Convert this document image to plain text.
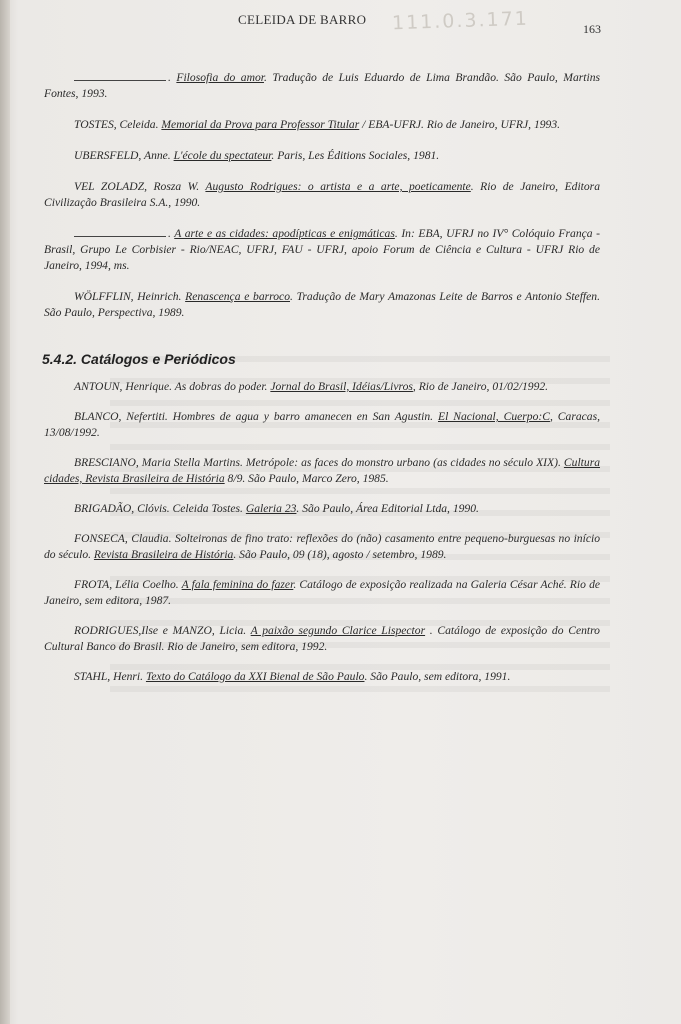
CELEIDA DE BARRO 111.0.3.171	163

. Filosofia do amor. Tradução de Luis Eduardo de Lima Brandão. São Paulo, Martins Fontes, 1993.

TOSTES, Celeida. Memorial da Prova para Professor Titular / EBA-UFRJ. Rio de Janeiro, UFRJ, 1993.

UBERSFELD, Anne. L'école du spectateur. Paris, Les Éditions Sociales, 1981.

VEL ZOLADZ, Rosza W. Augusto Rodrigues: o artista e a arte, poeticamente. Rio de Janeiro, Editora Civilização Brasileira S.A., 1990.

. A arte e as cidades: apodípticas e enigmáticas. In: EBA, UFRJ no IV° Colóquio França -Brasil, Grupo Le Corbisier - Rio/NEAC, UFRJ, FAU - UFRJ, apoio Forum de Ciência e Cultura - UFRJ Rio de Janeiro, 1994, ms.

WÖLFFLIN, Heinrich. Renascença e barroco. Tradução de Mary Amazonas Leite de Barros e Antonio Steffen. São Paulo, Perspectiva, 1989.

5.4.2. Catálogos e Periódicos

ANTOUN, Henrique. As dobras do poder. Jornal do Brasil, Idéias/Livros, Rio de Janeiro, 01/02/1992.

BLANCO, Nefertiti. Hombres de agua y barro amanecen en San Agustin. El Nacional, Cuerpo:C, Caracas, 13/08/1992.

BRESCIANO, Maria Stella Martins. Metrópole: as faces do monstro urbano (as cidades no século XIX). Cultura cidades, Revista Brasileira de História 8/9. São Paulo, Marco Zero, 1985.

BRIGADÃO, Clóvis. Celeida Tostes. Galeria 23. São Paulo, Área Editorial Ltda, 1990.

FONSECA, Claudia. Solteironas de fino trato: reflexões do (não) casamento entre pequeno-burguesas no início do século. Revista Brasileira de História. São Paulo, 09 (18), agosto / setembro, 1989.

FROTA, Lélia Coelho. A fala feminina do fazer. Catálogo de exposição realizada na Galeria César Aché. Rio de Janeiro, sem editora, 1987.

RODRIGUES,Ilse e MANZO, Licia. A paixão segundo Clarice Lispector . Catálogo de exposição do Centro Cultural Banco do Brasil. Rio de Janeiro, sem editora, 1992.

STAHL, Henri. Texto do Catálogo da XXI Bienal de São Paulo. São Paulo, sem editora, 1991.
